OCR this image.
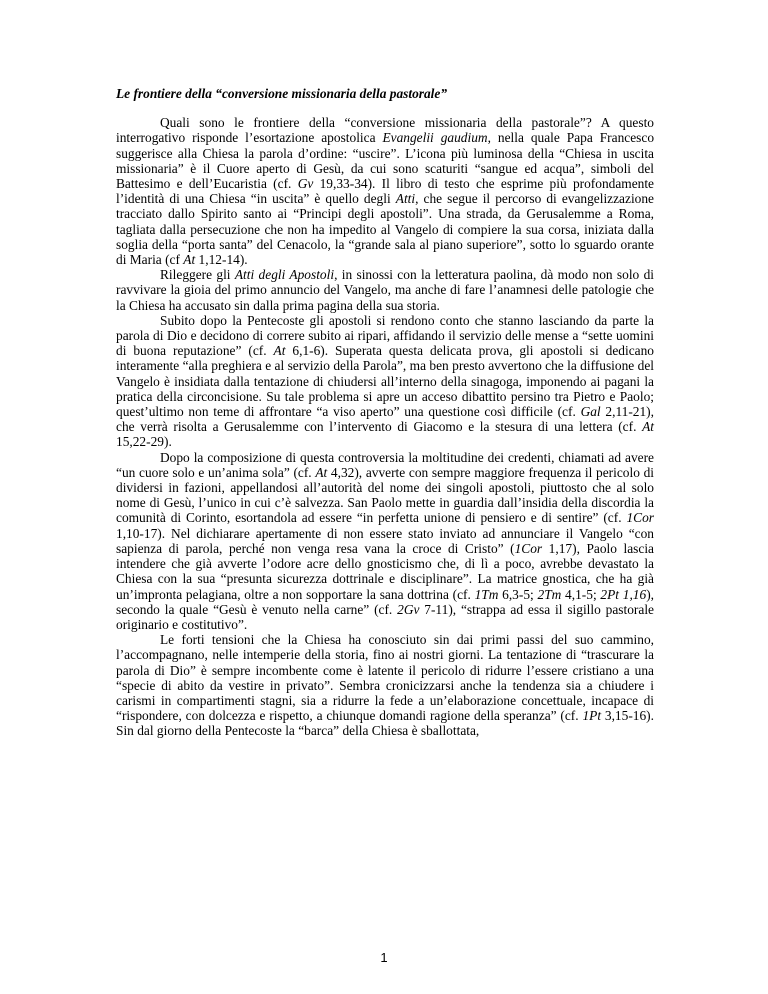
Le frontiere della “conversione missionaria della pastorale”

Quali sono le frontiere della “conversione missionaria della pastorale”? A questo interrogativo risponde l’esortazione apostolica Evangelii gaudium, nella quale Papa Francesco suggerisce alla Chiesa la parola d’ordine: “uscire”. L’icona più luminosa della “Chiesa in uscita missionaria” è il Cuore aperto di Gesù, da cui sono scaturiti “sangue ed acqua”, simboli del Battesimo e dell’Eucaristia (cf. Gv 19,33-34). Il libro di testo che esprime più profondamente l’identità di una Chiesa “in uscita” è quello degli Atti, che segue il percorso di evangelizzazione tracciato dallo Spirito santo ai “Principi degli apostoli”. Una strada, da Gerusalemme a Roma, tagliata dalla persecuzione che non ha impedito al Vangelo di compiere la sua corsa, iniziata dalla soglia della “porta santa” del Cenacolo, la “grande sala al piano superiore”, sotto lo sguardo orante di Maria (cf At 1,12-14).

Rileggere gli Atti degli Apostoli, in sinossi con la letteratura paolina, dà modo non solo di ravvivare la gioia del primo annuncio del Vangelo, ma anche di fare l’anamnesi delle patologie che la Chiesa ha accusato sin dalla prima pagina della sua storia.

Subito dopo la Pentecoste gli apostoli si rendono conto che stanno lasciando da parte la parola di Dio e decidono di correre subito ai ripari, affidando il servizio delle mense a “sette uomini di buona reputazione” (cf. At 6,1-6). Superata questa delicata prova, gli apostoli si dedicano interamente “alla preghiera e al servizio della Parola”, ma ben presto avvertono che la diffusione del Vangelo è insidiata dalla tentazione di chiudersi all’interno della sinagoga, imponendo ai pagani la pratica della circoncisione. Su tale problema si apre un acceso dibattito persino tra Pietro e Paolo; quest’ultimo non teme di affrontare “a viso aperto” una questione così difficile (cf. Gal 2,11-21), che verrà risolta a Gerusalemme con l’intervento di Giacomo e la stesura di una lettera (cf. At 15,22-29).

Dopo la composizione di questa controversia la moltitudine dei credenti, chiamati ad avere “un cuore solo e un’anima sola” (cf. At 4,32), avverte con sempre maggiore frequenza il pericolo di dividersi in fazioni, appellandosi all’autorità del nome dei singoli apostoli, piuttosto che al solo nome di Gesù, l’unico in cui c’è salvezza. San Paolo mette in guardia dall’insidia della discordia la comunità di Corinto, esortandola ad essere “in perfetta unione di pensiero e di sentire” (cf. 1Cor 1,10-17). Nel dichiarare apertamente di non essere stato inviato ad annunciare il Vangelo “con sapienza di parola, perché non venga resa vana la croce di Cristo” (1Cor 1,17), Paolo lascia intendere che già avverte l’odore acre dello gnosticismo che, di lì a poco, avrebbe devastato la Chiesa con la sua “presunta sicurezza dottrinale e disciplinare”. La matrice gnostica, che ha già un’impronta pelagiana, oltre a non sopportare la sana dottrina (cf. 1Tm 6,3-5; 2Tm 4,1-5; 2Pt 1,16), secondo la quale “Gesù è venuto nella carne” (cf. 2Gv 7-11), “strappa ad essa il sigillo pastorale originario e costitutivo”.

Le forti tensioni che la Chiesa ha conosciuto sin dai primi passi del suo cammino, l’accompagnano, nelle intemperie della storia, fino ai nostri giorni. La tentazione di “trascurare la parola di Dio” è sempre incombente come è latente il pericolo di ridurre l’essere cristiano a una “specie di abito da vestire in privato”. Sembra cronicizzarsi anche la tendenza sia a chiudere i carismi in compartimenti stagni, sia a ridurre la fede a un’elaborazione concettuale, incapace di “rispondere, con dolcezza e rispetto, a chiunque domandi ragione della speranza” (cf. 1Pt 3,15-16). Sin dal giorno della Pentecoste la “barca” della Chiesa è sballottata,

1
